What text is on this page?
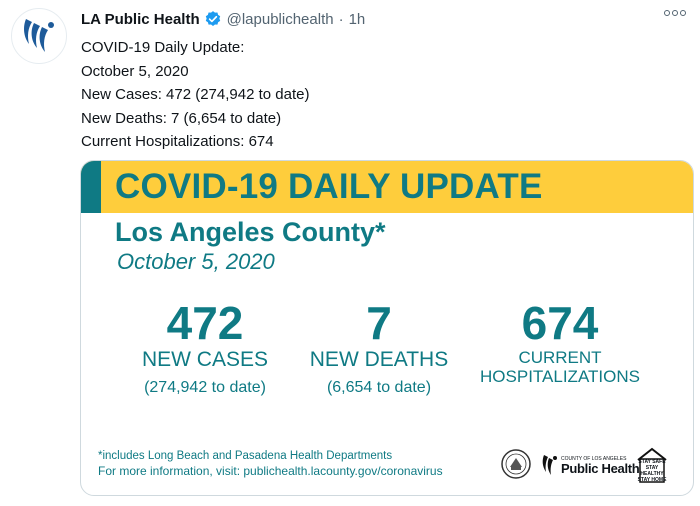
LA Public Health @lapublichealth · 1h
COVID-19 Daily Update:
October 5, 2020
New Cases: 472 (274,942 to date)
New Deaths: 7 (6,654 to date)
Current Hospitalizations: 674
COVID-19 DAILY UPDATE
Los Angeles County*
October 5, 2020
472
NEW CASES
(274,942 to date)
7
NEW DEATHS
(6,654 to date)
674
CURRENT
HOSPITALIZATIONS
*includes Long Beach and Pasadena Health Departments
For more information, visit: publichealth.lacounty.gov/coronavirus
COUNTY OF LOS ANGELES
Public Health
STAY SAFE
STAY HEALTHY
STAY HOME
